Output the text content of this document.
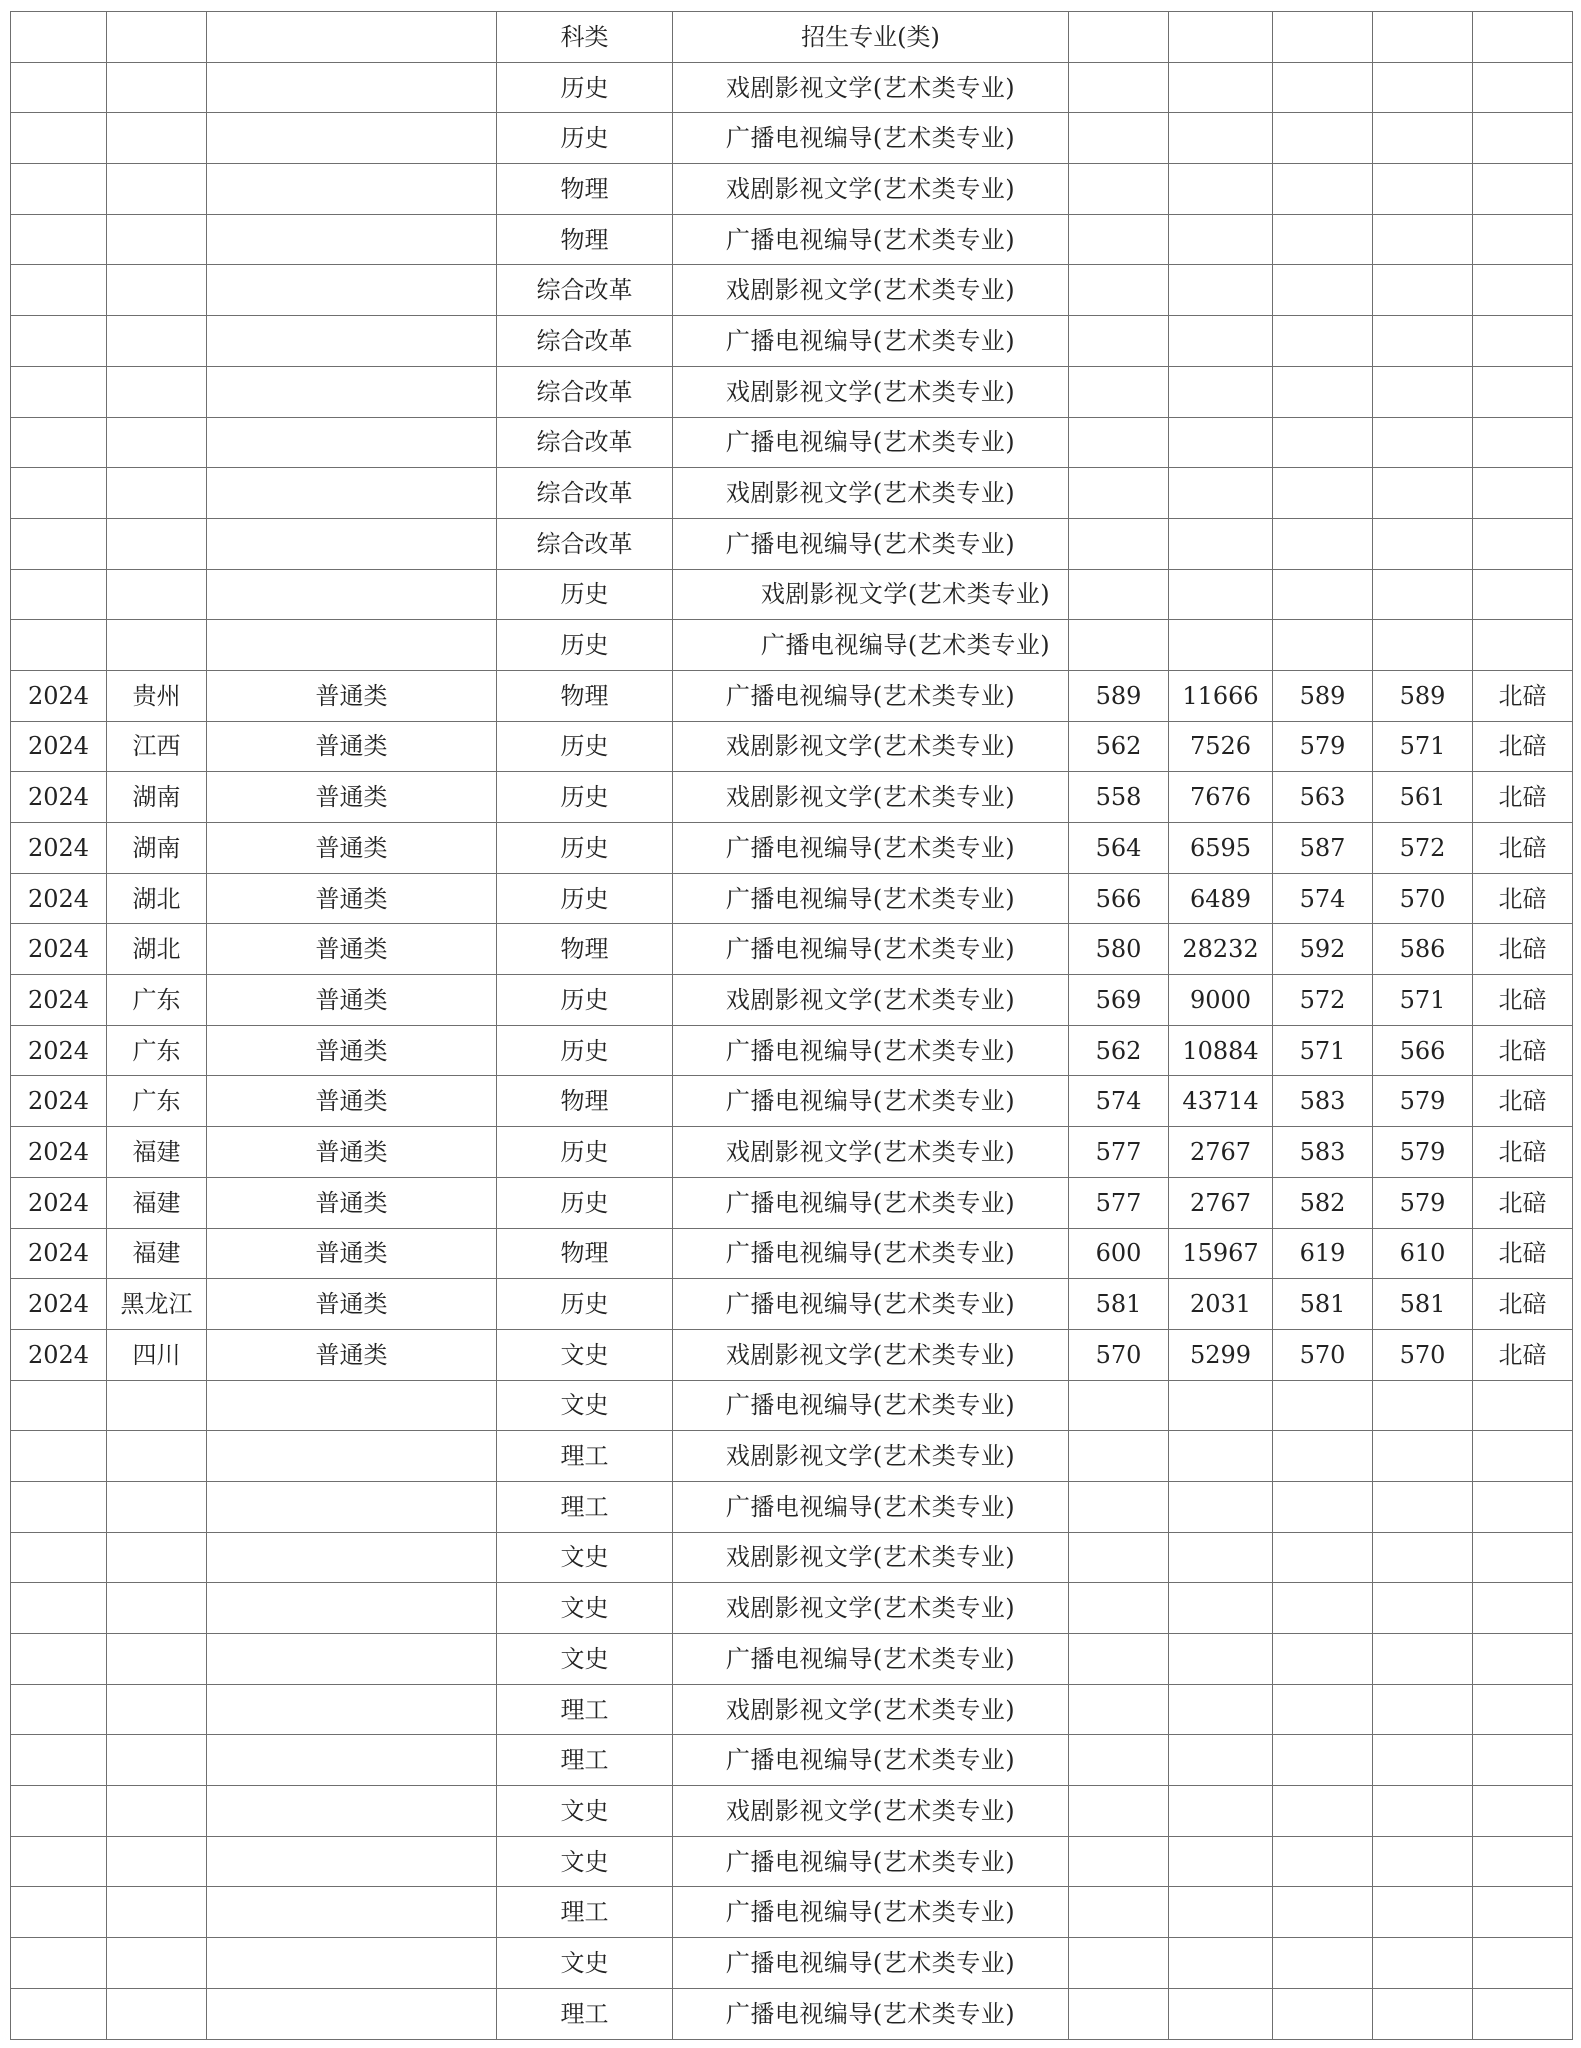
			科类	招生专业(类)					
			历史	戏剧影视文学(艺术类专业)					
			历史	广播电视编导(艺术类专业)					
			物理	戏剧影视文学(艺术类专业)					
			物理	广播电视编导(艺术类专业)					
			综合改革	戏剧影视文学(艺术类专业)					
			综合改革	广播电视编导(艺术类专业)					
			综合改革	戏剧影视文学(艺术类专业)					
			综合改革	广播电视编导(艺术类专业)					
			综合改革	戏剧影视文学(艺术类专业)					
			综合改革	广播电视编导(艺术类专业)					
			历史	戏剧影视文学(艺术类专业)					
			历史	广播电视编导(艺术类专业)					
2024	贵州	普通类	物理	广播电视编导(艺术类专业)	589	11666	589	589	北碚
2024	江西	普通类	历史	戏剧影视文学(艺术类专业)	562	7526	579	571	北碚
2024	湖南	普通类	历史	戏剧影视文学(艺术类专业)	558	7676	563	561	北碚
2024	湖南	普通类	历史	广播电视编导(艺术类专业)	564	6595	587	572	北碚
2024	湖北	普通类	历史	广播电视编导(艺术类专业)	566	6489	574	570	北碚
2024	湖北	普通类	物理	广播电视编导(艺术类专业)	580	28232	592	586	北碚
2024	广东	普通类	历史	戏剧影视文学(艺术类专业)	569	9000	572	571	北碚
2024	广东	普通类	历史	广播电视编导(艺术类专业)	562	10884	571	566	北碚
2024	广东	普通类	物理	广播电视编导(艺术类专业)	574	43714	583	579	北碚
2024	福建	普通类	历史	戏剧影视文学(艺术类专业)	577	2767	583	579	北碚
2024	福建	普通类	历史	广播电视编导(艺术类专业)	577	2767	582	579	北碚
2024	福建	普通类	物理	广播电视编导(艺术类专业)	600	15967	619	610	北碚
2024	黑龙江	普通类	历史	广播电视编导(艺术类专业)	581	2031	581	581	北碚
2024	四川	普通类	文史	戏剧影视文学(艺术类专业)	570	5299	570	570	北碚
			文史	广播电视编导(艺术类专业)					
			理工	戏剧影视文学(艺术类专业)					
			理工	广播电视编导(艺术类专业)					
			文史	戏剧影视文学(艺术类专业)					
			文史	戏剧影视文学(艺术类专业)					
			文史	广播电视编导(艺术类专业)					
			理工	戏剧影视文学(艺术类专业)					
			理工	广播电视编导(艺术类专业)					
			文史	戏剧影视文学(艺术类专业)					
			文史	广播电视编导(艺术类专业)					
			理工	广播电视编导(艺术类专业)					
			文史	广播电视编导(艺术类专业)					
			理工	广播电视编导(艺术类专业)					
